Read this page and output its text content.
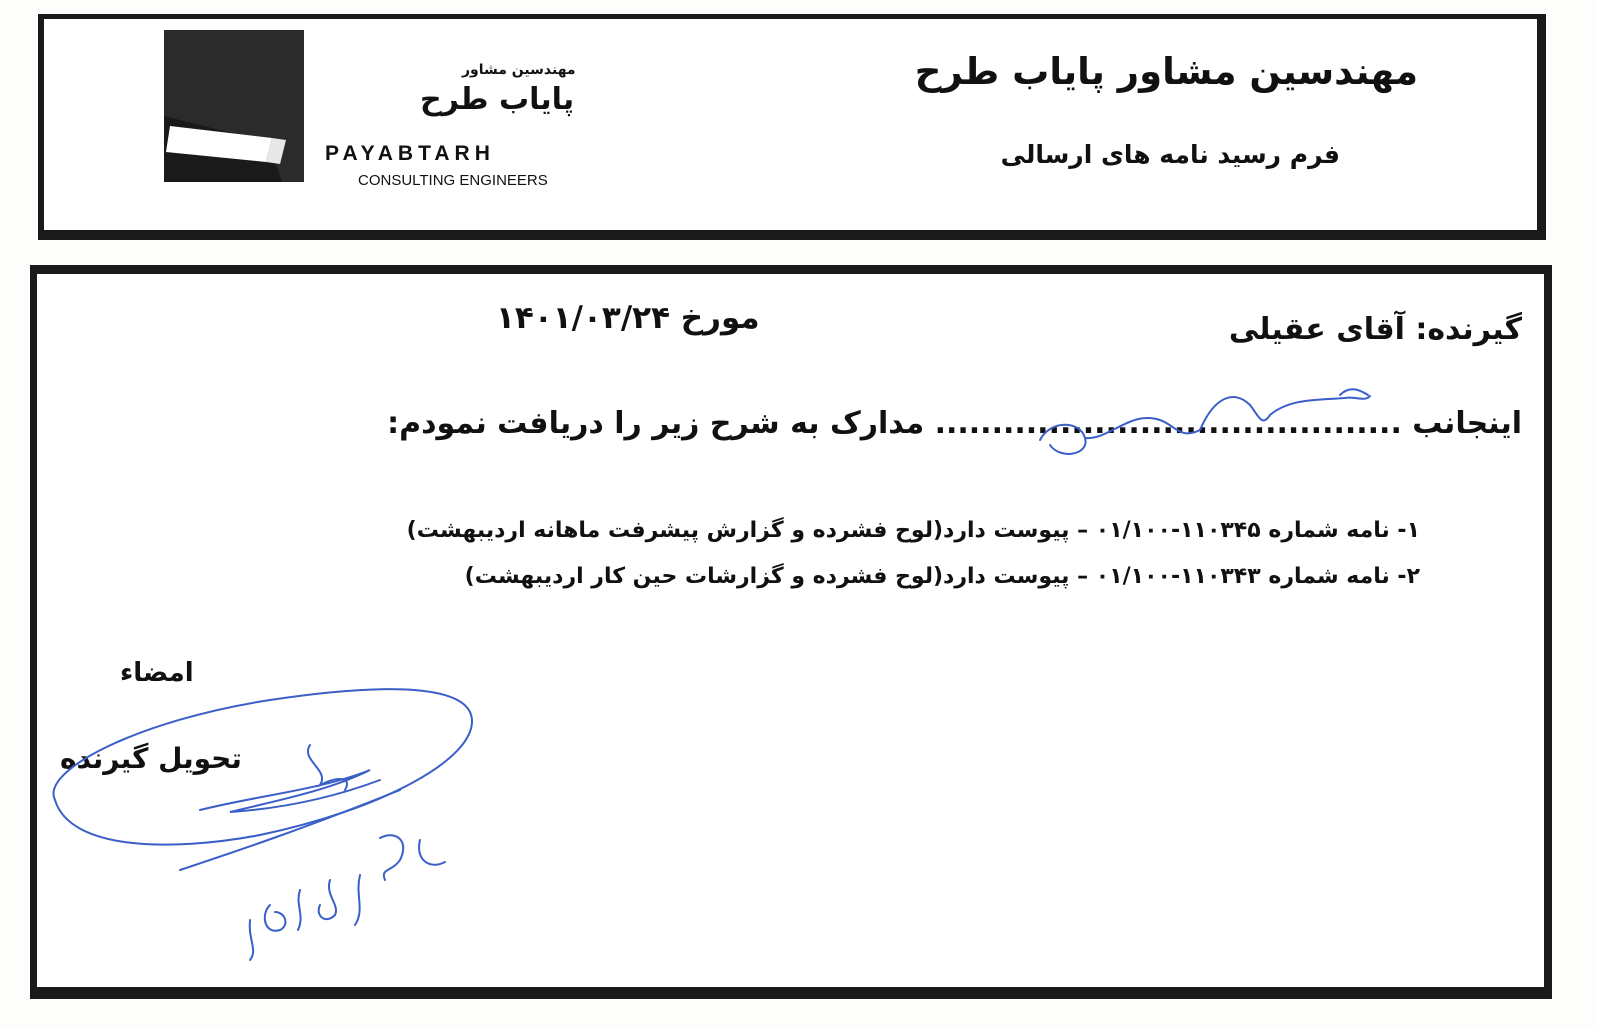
مهندسین مشاور
پایاب طرح
PAYABTARH
CONSULTING ENGINEERS
مهندسین مشاور پایاب طرح
فرم رسید نامه های ارسالی
گیرنده: آقای عقیلی
مورخ ۱۴۰۱/۰۳/۲۴
اینجانب ......................................... مدارک به شرح زیر را دریافت نمودم:
۱- نامه شماره ۱۱۰۳۴۵-۰۱/۱۰۰ – پیوست دارد(لوح فشرده و گزارش پیشرفت ماهانه اردیبهشت)
۲- نامه شماره ۱۱۰۳۴۳-۰۱/۱۰۰ – پیوست دارد(لوح فشرده و گزارشات حین کار اردیبهشت)
امضاء
تحویل گیرنده
